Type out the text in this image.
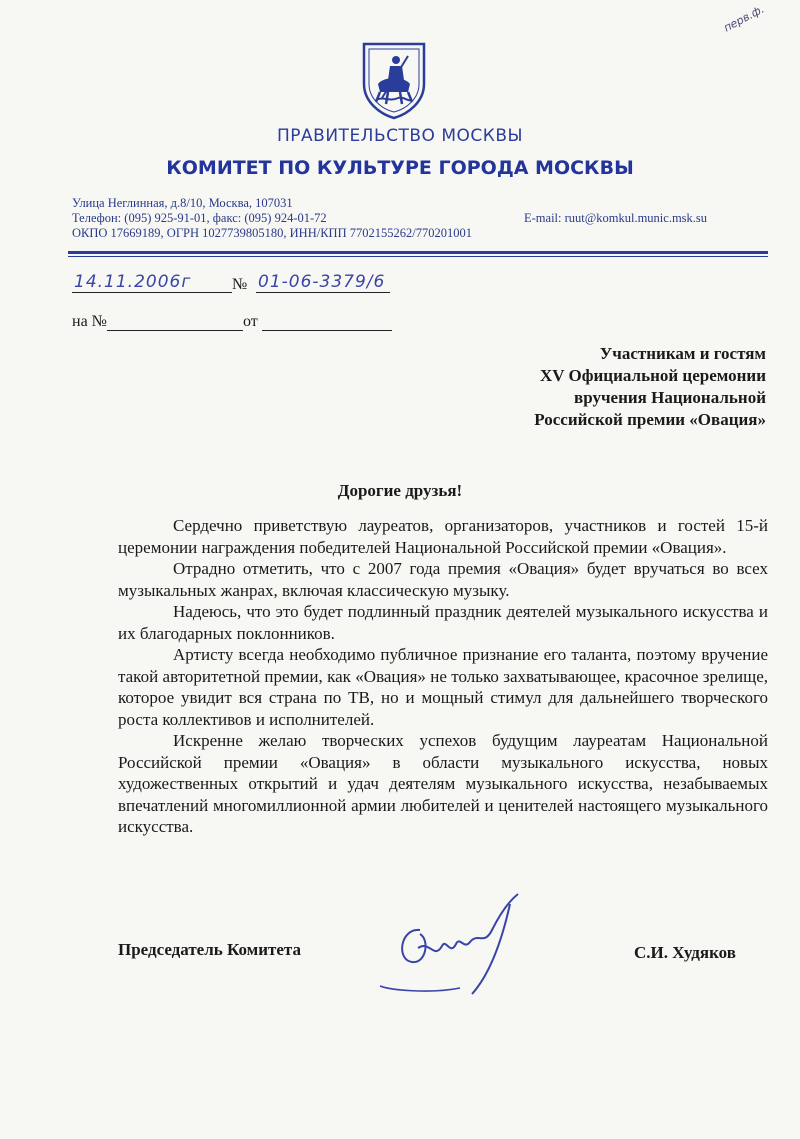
перв.ф.
ПРАВИТЕЛЬСТВО МОСКВЫ
КОМИТЕТ ПО КУЛЬТУРЕ ГОРОДА МОСКВЫ
Улица Неглинная, д.8/10, Москва, 107031
Телефон: (095) 925-91-01, факс: (095) 924-01-72	E-mail: ruut@komkul.munic.msk.su
ОКПО 17669189, ОГРН 1027739805180, ИНН/КПП 7702155262/770201001
14.11.2006г	№ 01-06-3379/6
на №	от
Участникам и гостям
XV Официальной церемонии
вручения Национальной
Российской премии «Овация»
Дорогие друзья!

Сердечно приветствую лауреатов, организаторов, участников и гостей 15-й церемонии награждения победителей Национальной Российской премии «Овация».

Отрадно отметить, что с 2007 года премия «Овация» будет вручаться во всех музыкальных жанрах, включая классическую музыку.

Надеюсь, что это будет подлинный праздник деятелей музыкального искусства и их благодарных поклонников.

Артисту всегда необходимо публичное признание его таланта, поэтому вручение такой авторитетной премии, как «Овация» не только захватывающее, красочное зрелище, которое увидит вся страна по ТВ, но и мощный стимул для дальнейшего творческого роста коллективов и исполнителей.

Искренне желаю творческих успехов будущим лауреатам Национальной Российской премии «Овация» в области музыкального искусства, новых художественных открытий и удач деятелям музыкального искусства, незабываемых впечатлений многомиллионной армии любителей и ценителей настоящего музыкального искусства.

Председатель Комитета	С.И. Худяков
